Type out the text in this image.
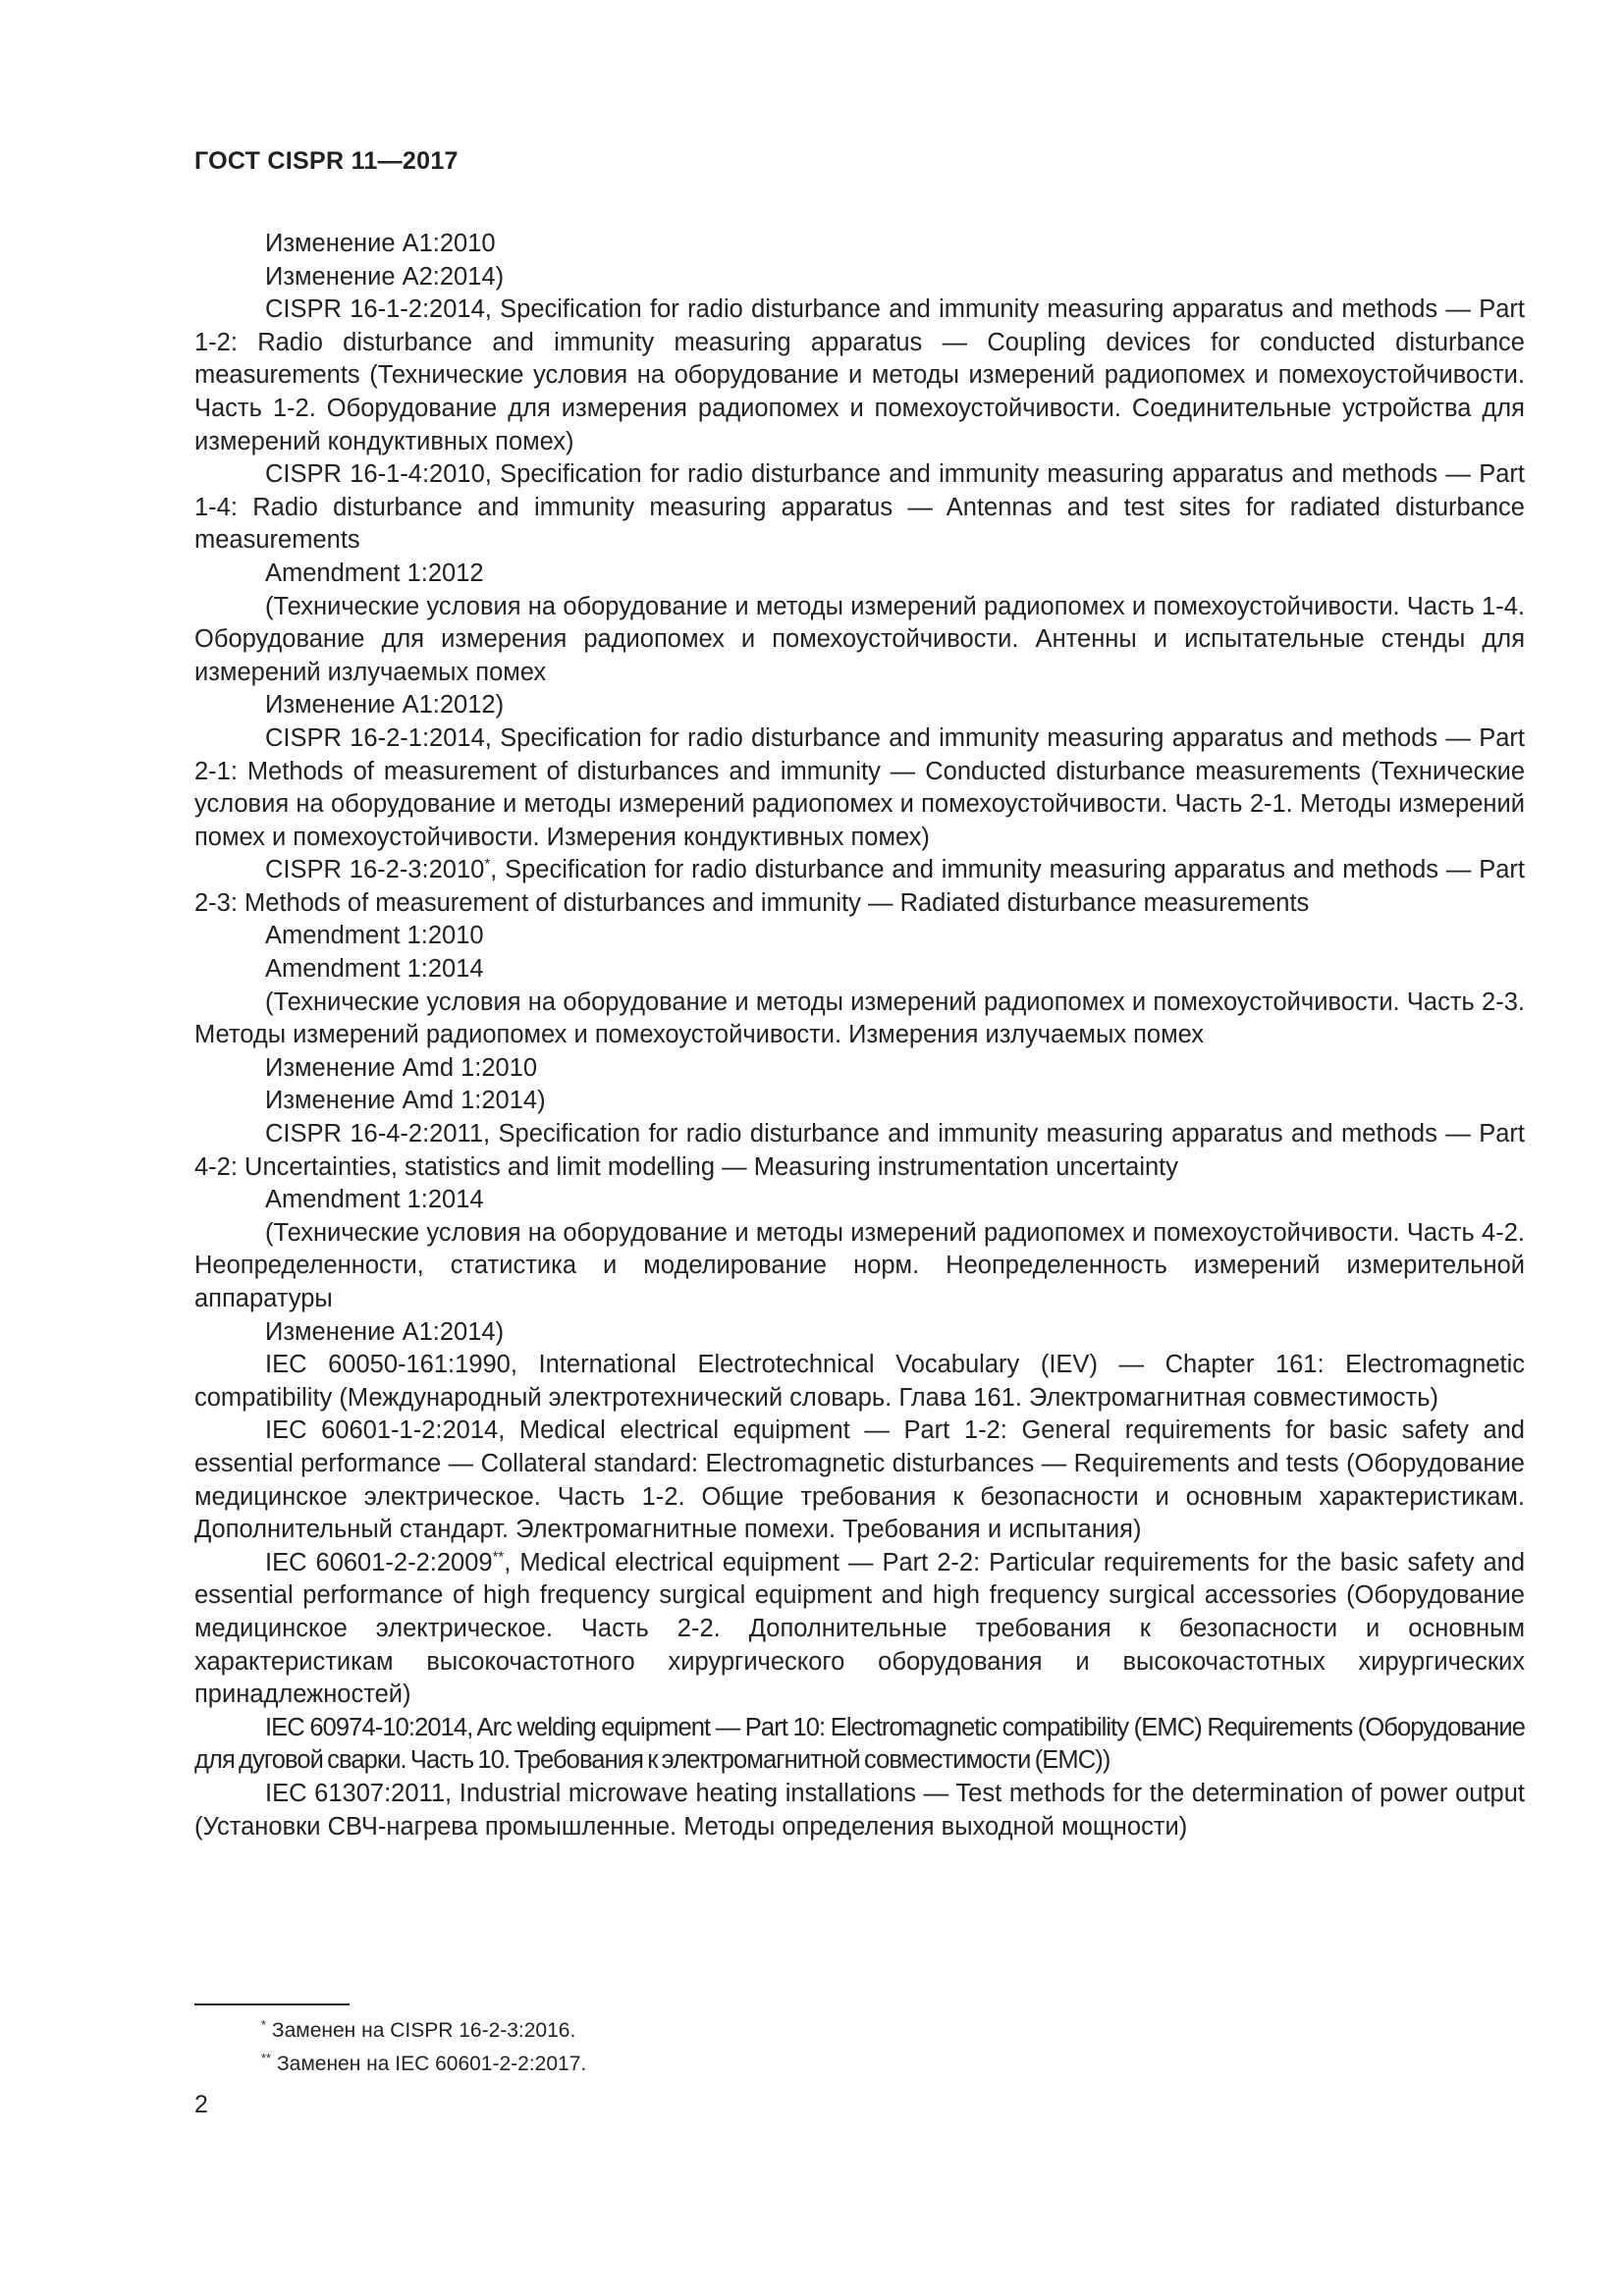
ГОСТ CISPR 11—2017

Изменение A1:2010

Изменение A2:2014)

CISPR 16-1-2:2014, Specification for radio disturbance and immunity measuring apparatus and methods — Part 1-2: Radio disturbance and immunity measuring apparatus — Coupling devices for conducted disturbance measurements (Технические условия на оборудование и методы измерений радиопомех и помехоустойчивости. Часть 1-2. Оборудование для измерения радиопомех и помехоустойчивости. Соединительные устройства для измерений кондуктивных помех)

CISPR 16-1-4:2010, Specification for radio disturbance and immunity measuring apparatus and methods — Part 1-4: Radio disturbance and immunity measuring apparatus — Antennas and test sites for radiated disturbance measurements

Amendment 1:2012

(Технические условия на оборудование и методы измерений радиопомех и помехоустойчивости. Часть 1-4. Оборудование для измерения радиопомех и помехоустойчивости. Антенны и испытательные стенды для измерений излучаемых помех

Изменение A1:2012)

CISPR 16-2-1:2014, Specification for radio disturbance and immunity measuring apparatus and methods — Part 2-1: Methods of measurement of disturbances and immunity — Conducted disturbance measurements (Технические условия на оборудование и методы измерений радиопомех и помехоустойчивости. Часть 2-1. Методы измерений помех и помехоустойчивости. Измерения кондуктивных помех)

CISPR 16-2-3:2010*, Specification for radio disturbance and immunity measuring apparatus and methods — Part 2-3: Methods of measurement of disturbances and immunity — Radiated disturbance measurements

Amendment 1:2010

Amendment 1:2014

(Технические условия на оборудование и методы измерений радиопомех и помехоустойчивости. Часть 2-3. Методы измерений радиопомех и помехоустойчивости. Измерения излучаемых помех

Изменение Amd 1:2010

Изменение Amd 1:2014)

CISPR 16-4-2:2011, Specification for radio disturbance and immunity measuring apparatus and methods — Part 4-2: Uncertainties, statistics and limit modelling — Measuring instrumentation uncertainty

Amendment 1:2014

(Технические условия на оборудование и методы измерений радиопомех и помехоустойчивости. Часть 4-2. Неопределенности, статистика и моделирование норм. Неопределенность измерений измерительной аппаратуры

Изменение A1:2014)

IEC 60050-161:1990, International Electrotechnical Vocabulary (IEV) — Chapter 161: Electromagnetic compatibility (Международный электротехнический словарь. Глава 161. Электромагнитная совместимость)

IEC 60601-1-2:2014, Medical electrical equipment — Part 1-2: General requirements for basic safety and essential performance — Collateral standard: Electromagnetic disturbances — Requirements and tests (Оборудование медицинское электрическое. Часть 1-2. Общие требования к безопасности и основным характеристикам. Дополнительный стандарт. Электромагнитные помехи. Требования и испытания)

IEC 60601-2-2:2009**, Medical electrical equipment — Part 2-2: Particular requirements for the basic safety and essential performance of high frequency surgical equipment and high frequency surgical accessories (Оборудование медицинское электрическое. Часть 2-2. Дополнительные требования к безопасности и основным характеристикам высокочастотного хирургического оборудования и высокочастотных хирургических принадлежностей)

IEC 60974-10:2014, Arc welding equipment — Part 10: Electromagnetic compatibility (EMC) Requirements (Оборудование для дуговой сварки. Часть 10. Требования к электромагнитной совместимости (ЕМС))

IEC 61307:2011, Industrial microwave heating installations — Test methods for the determination of power output (Установки СВЧ-нагрева промышленные. Методы определения выходной мощности)

* Заменен на CISPR 16-2-3:2016.

** Заменен на IEC 60601-2-2:2017.

2
